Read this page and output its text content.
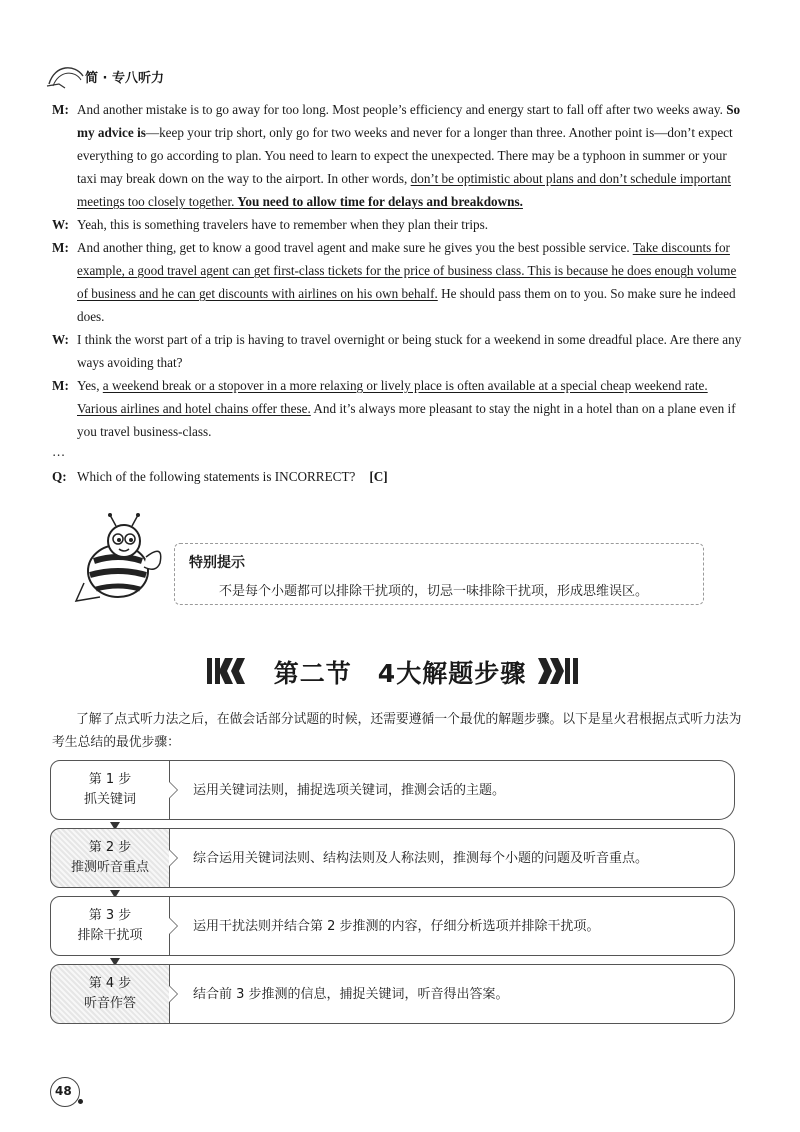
简 · 专八听力
M: And another mistake is to go away for too long. Most people’s efficiency and energy start to fall off after two weeks away. So my advice is—keep your trip short, only go for two weeks and never for a longer than three. Another point is—don’t expect everything to go according to plan. You need to learn to expect the unexpected. There may be a typhoon in summer or your taxi may break down on the way to the airport. In other words, don’t be optimistic about plans and don’t schedule important meetings too closely together. You need to allow time for delays and breakdowns.
W: Yeah, this is something travelers have to remember when they plan their trips.
M: And another thing, get to know a good travel agent and make sure he gives you the best possible service. Take discounts for example, a good travel agent can get first-class tickets for the price of business class. This is because he does enough volume of business and he can get discounts with airlines on his own behalf. He should pass them on to you. So make sure he indeed does.
W: I think the worst part of a trip is having to travel overnight or being stuck for a weekend in some dreadful place. Are there any ways avoiding that?
M: Yes, a weekend break or a stopover in a more relaxing or lively place is often available at a special cheap weekend rate. Various airlines and hotel chains offer these. And it’s always more pleasant to stay the night in a hotel than on a plane even if you travel business-class.
…
Q: Which of the following statements is INCORRECT? [C]
特别提示
不是每个小题都可以排除干扰项的，切忌一味排除干扰项，形成思维误区。
第二节　4大解题步骤
了解了点式听力法之后，在做会话部分试题的时候，还需要遵循一个最优的解题步骤。以下是星火君根据点式听力法为考生总结的最优步骤：
第 1 步
抓关键词
运用关键词法则，捕捉选项关键词，推测会话的主题。
第 2 步
推测听音重点
综合运用关键词法则、结构法则及人称法则，推测每个小题的问题及听音重点。
第 3 步
排除干扰项
运用干扰法则并结合第 2 步推测的内容，仔细分析选项并排除干扰项。
第 4 步
听音作答
结合前 3 步推测的信息，捕捉关键词，听音得出答案。
48
